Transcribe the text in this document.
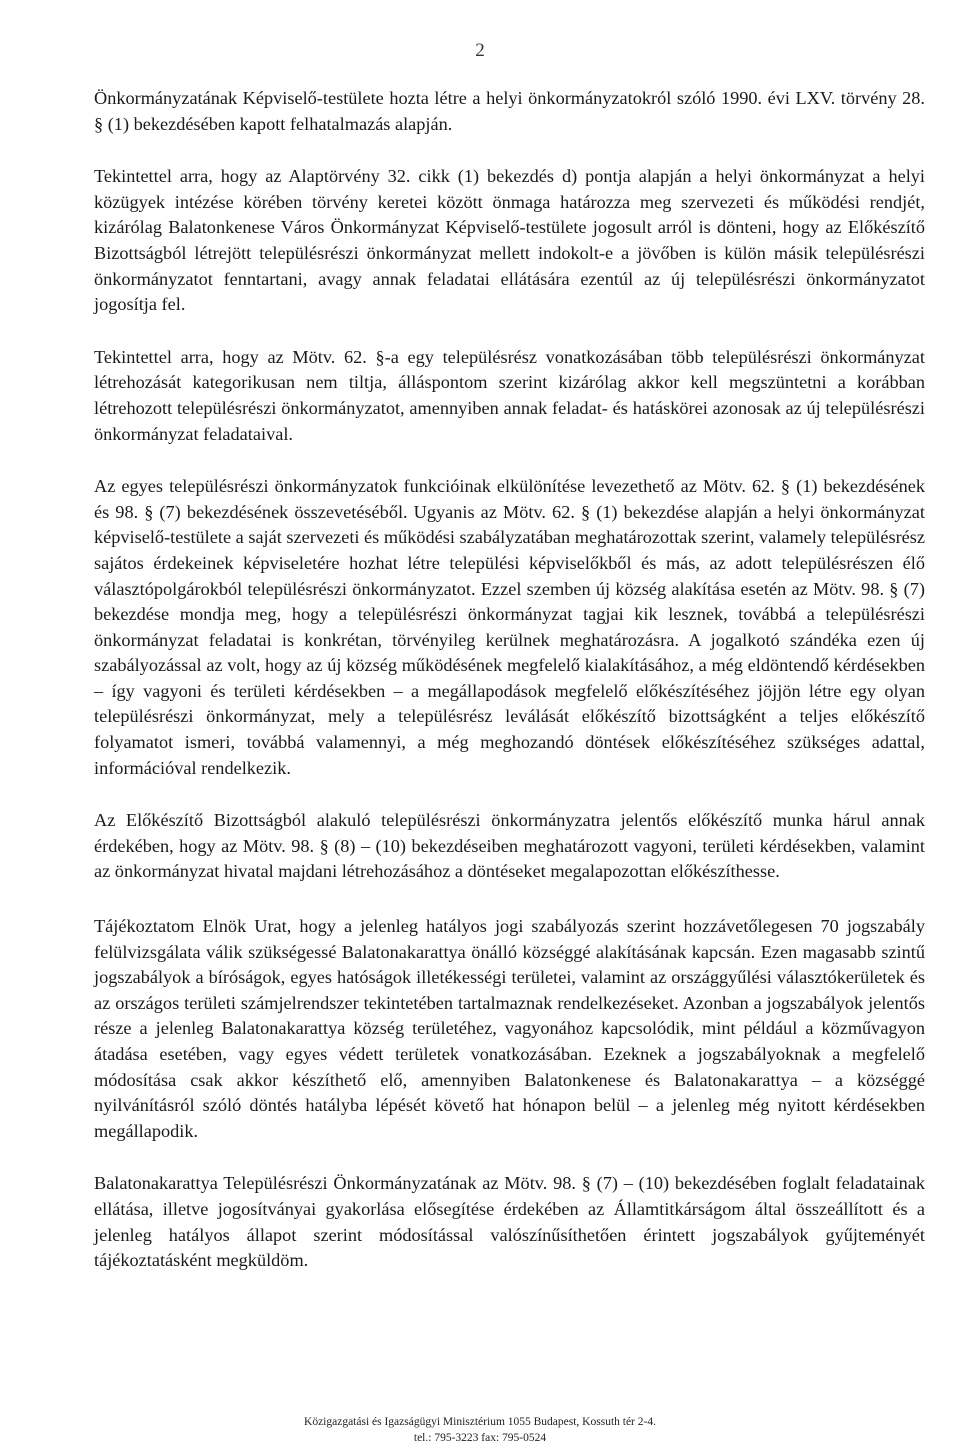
2

Önkormányzatának Képviselő-testülete hozta létre a helyi önkormányzatokról szóló 1990. évi LXV. törvény 28. § (1) bekezdésében kapott felhatalmazás alapján.

Tekintettel arra, hogy az Alaptörvény 32. cikk (1) bekezdés d) pontja alapján a helyi önkormányzat a helyi közügyek intézése körében törvény keretei között önmaga határozza meg szervezeti és működési rendjét, kizárólag Balatonkenese Város Önkormányzat Képviselő-testülete jogosult arról is dönteni, hogy az Előkészítő Bizottságból létrejött településrészi önkormányzat mellett indokolt-e a jövőben is külön másik településrészi önkormányzatot fenntartani, avagy annak feladatai ellátására ezentúl az új településrészi önkormányzatot jogosítja fel.

Tekintettel arra, hogy az Mötv. 62. §-a egy településrész vonatkozásában több településrészi önkormányzat létrehozását kategorikusan nem tiltja, álláspontom szerint kizárólag akkor kell megszüntetni a korábban létrehozott településrészi önkormányzatot, amennyiben annak feladat- és hatáskörei azonosak az új településrészi önkormányzat feladataival.

Az egyes településrészi önkormányzatok funkcióinak elkülönítése levezethető az Mötv. 62. § (1) bekezdésének és 98. § (7) bekezdésének összevetéséből. Ugyanis az Mötv. 62. § (1) bekezdése alapján a helyi önkormányzat képviselő-testülete a saját szervezeti és működési szabályzatában meghatározottak szerint, valamely településrész sajátos érdekeinek képviseletére hozhat létre települési képviselőkből és más, az adott településrészen élő választópolgárokból településrészi önkormányzatot. Ezzel szemben új község alakítása esetén az Mötv. 98. § (7) bekezdése mondja meg, hogy a településrészi önkormányzat tagjai kik lesznek, továbbá a településrészi önkormányzat feladatai is konkrétan, törvényileg kerülnek meghatározásra. A jogalkotó szándéka ezen új szabályozással az volt, hogy az új község működésének megfelelő kialakításához, a még eldöntendő kérdésekben – így vagyoni és területi kérdésekben – a megállapodások megfelelő előkészítéséhez jöjjön létre egy olyan településrészi önkormányzat, mely a településrész leválását előkészítő bizottságként a teljes előkészítő folyamatot ismeri, továbbá valamennyi, a még meghozandó döntések előkészítéséhez szükséges adattal, információval rendelkezik.

Az Előkészítő Bizottságból alakuló településrészi önkormányzatra jelentős előkészítő munka hárul annak érdekében, hogy az Mötv. 98. § (8) – (10) bekezdéseiben meghatározott vagyoni, területi kérdésekben, valamint az önkormányzat hivatal majdani létrehozásához a döntéseket megalapozottan előkészíthesse.

Tájékoztatom Elnök Urat, hogy a jelenleg hatályos jogi szabályozás szerint hozzávetőlegesen 70 jogszabály felülvizsgálata válik szükségessé Balatonakarattya önálló községgé alakításának kapcsán. Ezen magasabb szintű jogszabályok a bíróságok, egyes hatóságok illetékességi területei, valamint az országgyűlési választókerületek és az országos területi számjelrendszer tekintetében tartalmaznak rendelkezéseket. Azonban a jogszabályok jelentős része a jelenleg Balatonakarattya község területéhez, vagyonához kapcsolódik, mint például a közművagyon átadása esetében, vagy egyes védett területek vonatkozásában. Ezeknek a jogszabályoknak a megfelelő módosítása csak akkor készíthető elő, amennyiben Balatonkenese és Balatonakarattya – a községgé nyilvánításról szóló döntés hatályba lépését követő hat hónapon belül – a jelenleg még nyitott kérdésekben megállapodik.

Balatonakarattya Településrészi Önkormányzatának az Mötv. 98. § (7) – (10) bekezdésében foglalt feladatainak ellátása, illetve jogosítványai gyakorlása elősegítése érdekében az Államtitkárságom által összeállított és a jelenleg hatályos állapot szerint módosítással valószínűsíthetően érintett jogszabályok gyűjteményét tájékoztatásként megküldöm.

Közigazgatási és Igazságügyi Minisztérium 1055 Budapest, Kossuth tér 2-4.
tel.: 795-3223 fax: 795-0524
